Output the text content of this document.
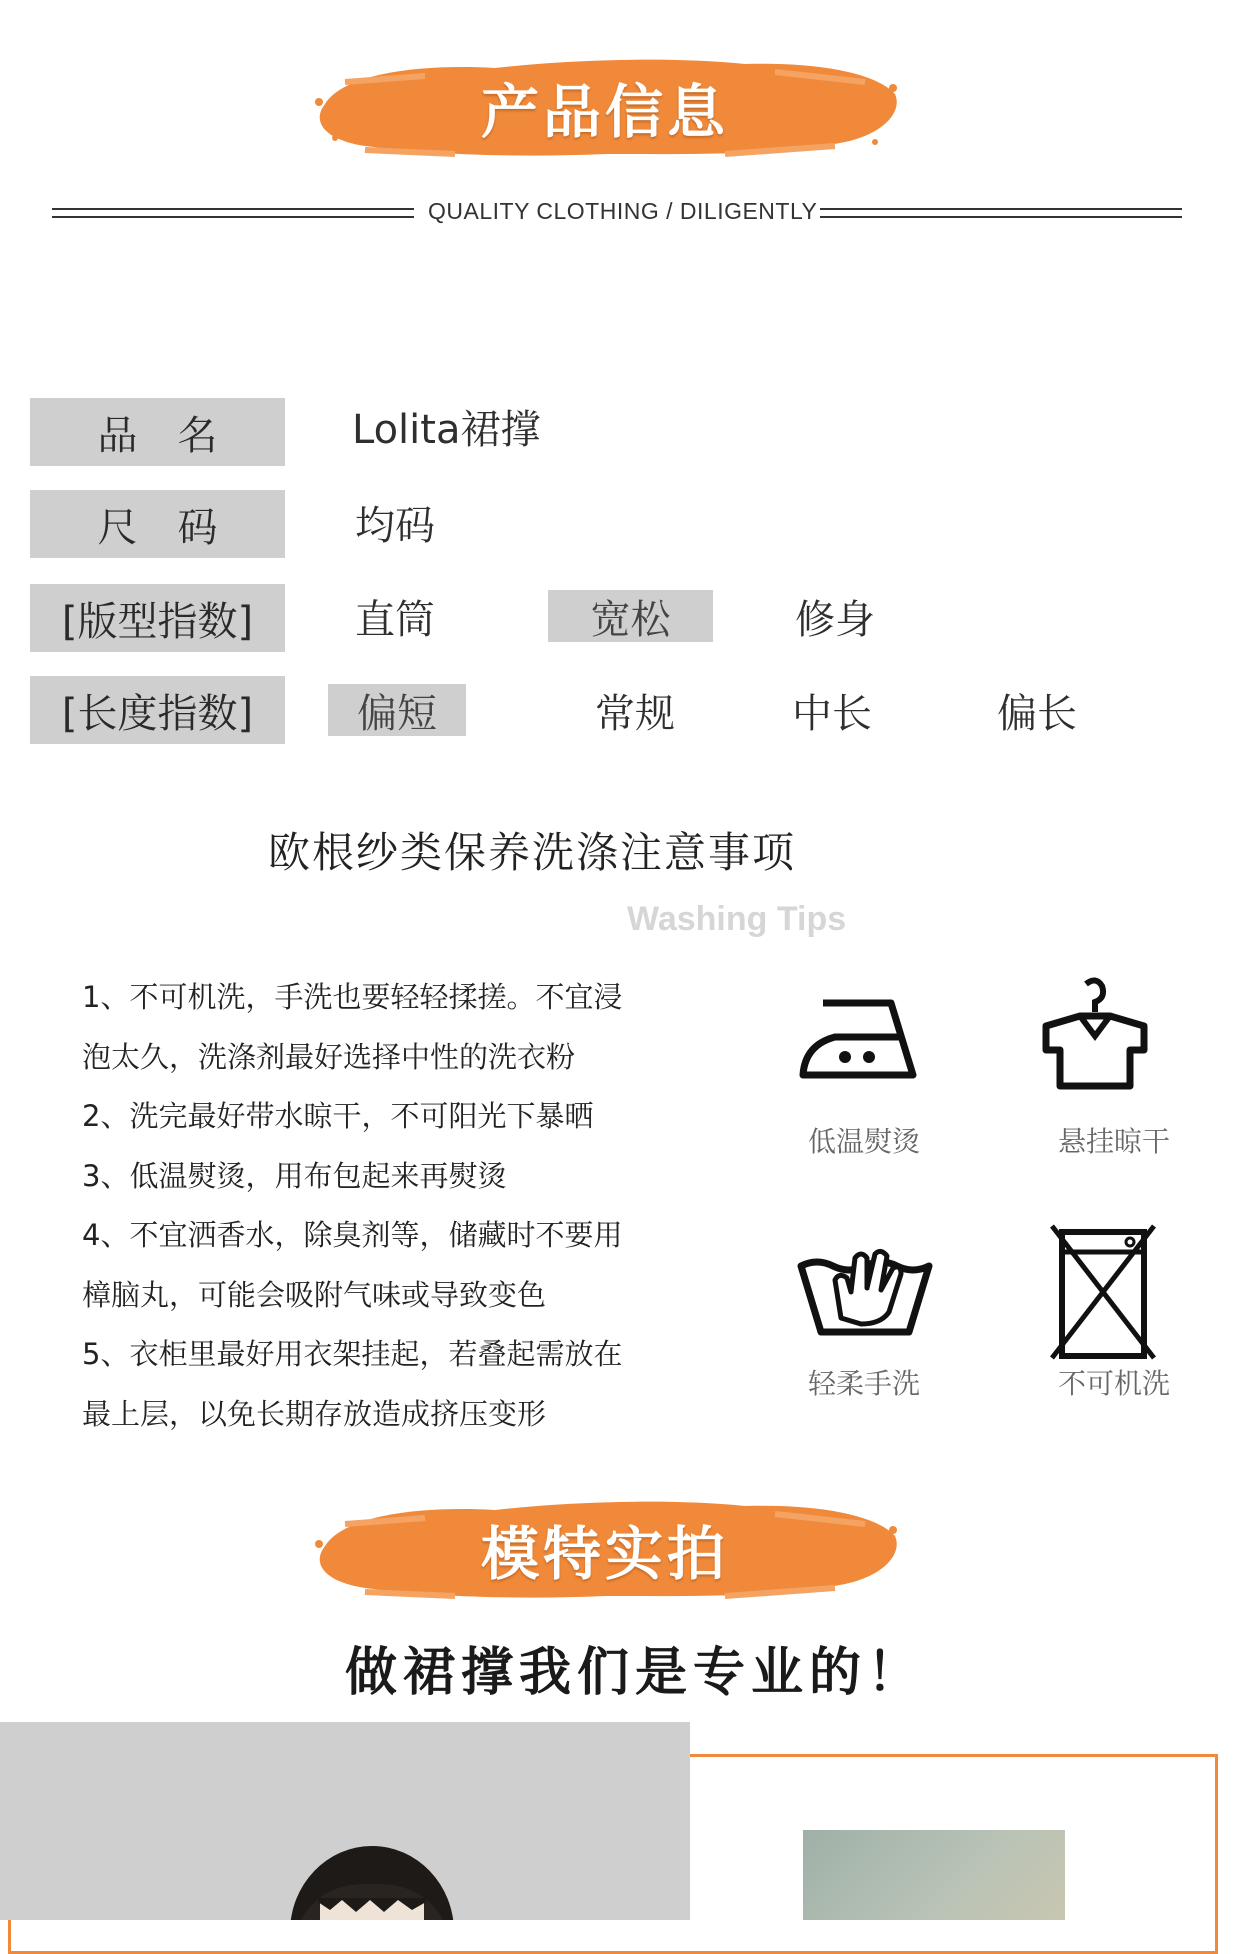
产品信息
QUALITY CLOTHING / DILIGENTLY
品　名	Lolita裙撑
尺　码	均码
[版型指数]	直筒	宽松	修身
[长度指数]	偏短	常规	中长	偏长
欧根纱类保养洗涤注意事项
Washing Tips

1、不可机洗，手洗也要轻轻揉搓。不宜浸

泡太久，洗涤剂最好选择中性的洗衣粉

2、洗完最好带水晾干，不可阳光下暴晒

3、低温熨烫，用布包起来再熨烫

4、不宜洒香水，除臭剂等，储藏时不要用

樟脑丸，可能会吸附气味或导致变色

5、衣柜里最好用衣架挂起，若叠起需放在

最上层，以免长期存放造成挤压变形

低温熨烫	悬挂晾干
轻柔手洗	不可机洗
模特实拍
做裙撑我们是专业的！
